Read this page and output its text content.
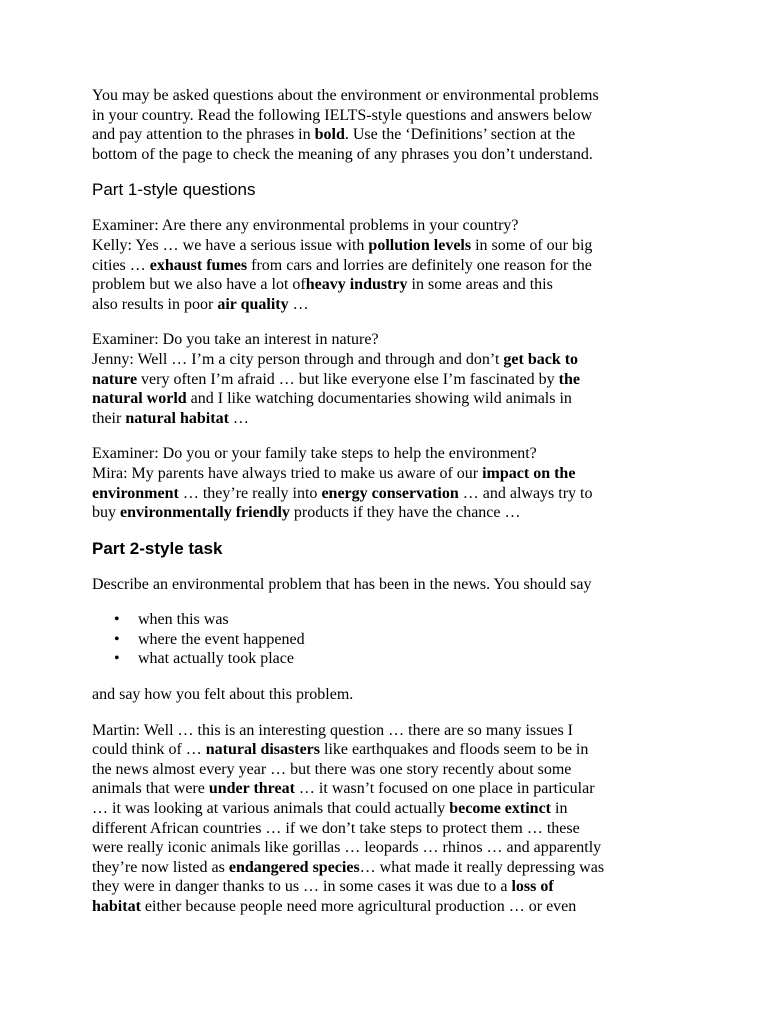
You may be asked questions about the environment or environmental problems

in your country. Read the following IELTS-style questions and answers below

and pay attention to the phrases in bold. Use the ‘Definitions’ section at the

bottom of the page to check the meaning of any phrases you don’t understand.

Part 1-style questions

Examiner: Are there any environmental problems in your country?

Kelly: Yes … we have a serious issue with pollution levels in some of our big

cities … exhaust fumes from cars and lorries are definitely one reason for the

problem but we also have a lot ofheavy industry in some areas and this

also results in poor air quality …

Examiner: Do you take an interest in nature?

Jenny: Well … I’m a city person through and through and don’t get back to

nature very often I’m afraid … but like everyone else I’m fascinated by the

natural world and I like watching documentaries showing wild animals in

their natural habitat …

Examiner: Do you or your family take steps to help the environment?

Mira: My parents have always tried to make us aware of our impact on the

environment … they’re really into energy conservation … and always try to

buy environmentally friendly products if they have the chance …

Part 2-style task

Describe an environmental problem that has been in the news. You should say

• when this was
• where the event happened
• what actually took place

and say how you felt about this problem.

Martin: Well … this is an interesting question … there are so many issues I

could think of … natural disasters like earthquakes and floods seem to be in

the news almost every year … but there was one story recently about some

animals that were under threat … it wasn’t focused on one place in particular

… it was looking at various animals that could actually become extinct in

different African countries … if we don’t take steps to protect them … these

were really iconic animals like gorillas … leopards … rhinos … and apparently

they’re now listed as endangered species… what made it really depressing was

they were in danger thanks to us … in some cases it was due to a loss of

habitat either because people need more agricultural production … or even
